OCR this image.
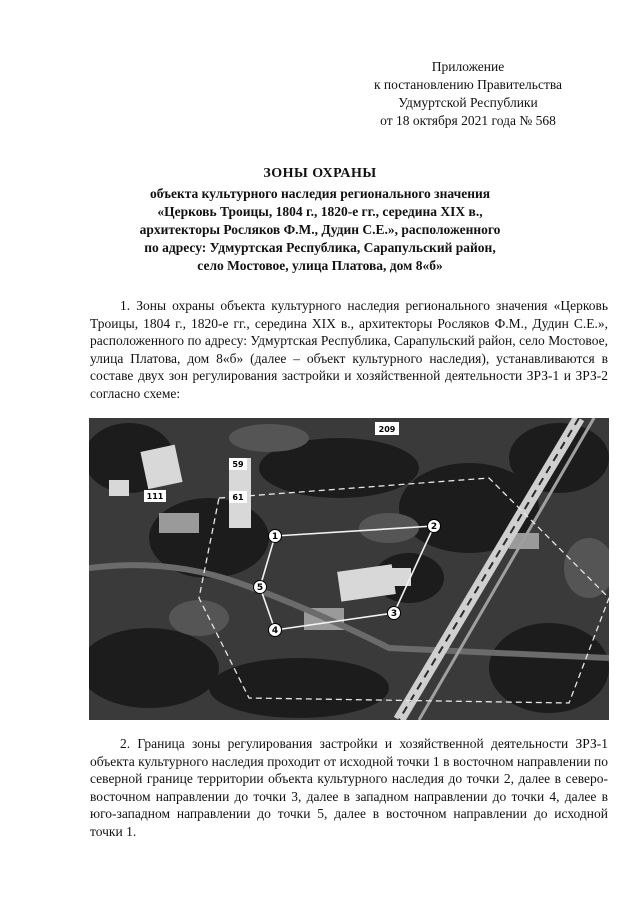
Приложение
к постановлению Правительства
Удмуртской Республики
от 18 октября 2021 года № 568
ЗОНЫ ОХРАНЫ
объекта культурного наследия регионального значения
«Церковь Троицы, 1804 г., 1820-е гг., середина XIX в.,
архитекторы Росляков Ф.М., Дудин С.Е.», расположенного
по адресу: Удмуртская Республика, Сарапульский район,
село Мостовое, улица Платова, дом 8«б»

1. Зоны охраны объекта культурного наследия регионального значения «Церковь Троицы, 1804 г., 1820-е гг., середина XIX в., архитекторы Росляков Ф.М., Дудин С.Е.», расположенного по адресу: Удмуртская Республика, Сарапульский район, село Мостовое, улица Платова, дом 8«б» (далее – объект культурного наследия), устанавливаются в составе двух зон регулирования застройки и хозяйственной деятельности ЗРЗ-1 и ЗРЗ-2 согласно схеме:

1
2
3
4
5
209
59
111	61

2. Граница зоны регулирования застройки и хозяйственной деятельности ЗРЗ-1 объекта культурного наследия проходит от исходной точки 1 в восточном направлении по северной границе территории объекта культурного наследия до точки 2, далее в северо-восточном направлении до точки 3, далее в западном направлении до точки 4, далее в юго-западном направлении до точки 5, далее в восточном направлении до исходной точки 1.
